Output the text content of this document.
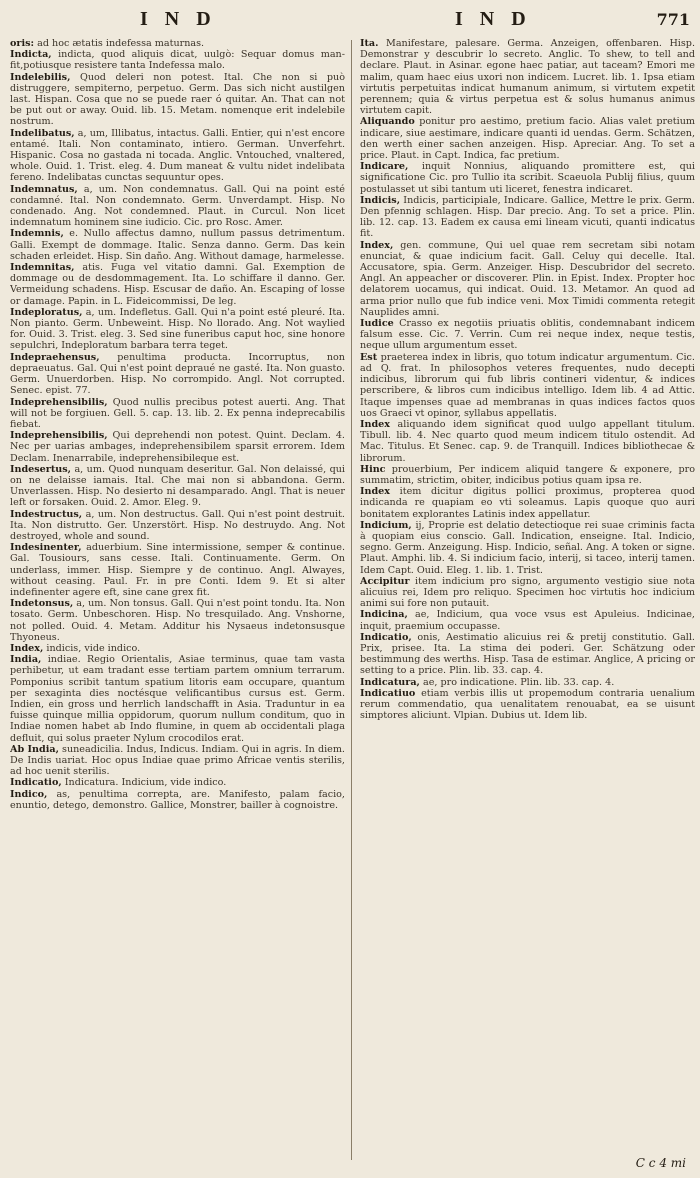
I N D	I N D	771

oris: ad hoc ætatis indefessa maturnas.

Indicta, indicta, quod aliquis dicat, uulgò: Sequar domus man-fit,potiusque resistere tanta Indefessa malo.

Indelebilis, Quod deleri non potest. Ital. Che non si può distruggere, sempiterno, perpetuo. Germ. Das sich nicht austilgen last. Hispan. Cosa que no se puede raer ó quitar. An. That can not be put out or away. Ouid. lib. 15. Metam. nomenque erit indelebile nostrum.

Indelibatus, a, um, Illibatus, intactus. Galli. Entier, qui n'est encore entamé. Itali. Non contaminato, intiero. German. Unverfehrt. Hispanic. Cosa no gastada ni tocada. Anglic. Vntouched, vnaltered, whole. Ouid. 1. Trist. eleg. 4. Dum maneat & vultu nidet indelibata fereno. Indelibatas cunctas sequuntur opes.

Indemnatus, a, um. Non condemnatus. Gall. Qui na point esté condamné. Ital. Non condemnato. Germ. Unverdampt. Hisp. No condenado. Ang. Not condemned. Plaut. in Curcul. Non licet indemnatum hominem sine iudicio. Cic. pro Rosc. Amer.

Indemnis, e. Nullo affectus damno, nullum passus detrimentum. Galli. Exempt de dommage. Italic. Senza danno. Germ. Das kein schaden erleidet. Hisp. Sin daño. Ang. Without damage, harmelesse.

Indemnitas, atis. Fuga vel vitatio damni. Gal. Exemption de dommage ou de desdommagement. Ita. Lo schiffare il danno. Ger. Vermeidung schadens. Hisp. Escusar de daño. An. Escaping of losse or damage. Papin. in L. Fideicommissi, De leg.

Indeploratus, a, um. Indefletus. Gall. Qui n'a point esté pleuré. Ita. Non pianto. Germ. Unbeweint. Hisp. No llorado. Ang. Not waylied for. Ouid. 3. Trist. eleg. 3. Sed sine funeribus caput hoc, sine honore sepulchri, Indeploratum barbara terra teget.

Indepraehensus, penultima producta. Incorruptus, non depraeuatus. Gal. Qui n'est point depraué ne gasté. Ita. Non guasto. Germ. Unuerdorben. Hisp. No corrompido. Angl. Not corrupted. Senec. epist. 77.

Indeprehensibilis, Quod nullis precibus potest auerti. Ang. That will not be forgiuen. Gell. 5. cap. 13. lib. 2. Ex penna indeprecabilis fiebat.

Indeprehensibilis, Qui deprehendi non potest. Quint. Declam. 4. Nec per uarias ambages, indeprehensibilem sparsit errorem. Idem Declam. Inenarrabile, indeprehensibileque est.

Indesertus, a, um. Quod nunquam deseritur. Gal. Non delaissé, qui on ne delaisse iamais. Ital. Che mai non si abbandona. Germ. Unverlassen. Hisp. No desierto ni desamparado. Angl. That is neuer left or forsaken. Ouid. 2. Amor. Eleg. 9.

Indestructus, a, um. Non destructus. Gall. Qui n'est point destruit. Ita. Non distrutto. Ger. Unzerstört. Hisp. No destruydo. Ang. Not destroyed, whole and sound.

Indesinenter, aduerbium. Sine intermissione, semper & continue. Gal. Tousiours, sans cesse. Itali. Continuamente. Germ. On underlass, immer. Hisp. Siempre y de continuo. Angl. Alwayes, without ceasing. Paul. Fr. in pre Conti. Idem 9. Et si alter indefinenter agere eft, sine cane grex fit.

Indetonsus, a, um. Non tonsus. Gall. Qui n'est point tondu. Ita. Non tosato. Germ. Unbeschoren. Hisp. No tresquilado. Ang. Vnshorne, not polled. Ouid. 4. Metam. Additur his Nysaeus indetonsusque Thyoneus.

Index, indicis, vide indico.

India, indiae. Regio Orientalis, Asiae terminus, quae tam vasta perhibetur, ut eam tradant esse tertiam partem omnium terrarum. Pomponius scribit tantum spatium litoris eam occupare, quantum per sexaginta dies noctésque velificantibus cursus est. Germ. Indien, ein gross und herrlich landschafft in Asia. Traduntur in ea fuisse quinque millia oppidorum, quorum nullum conditum, quo in Indiae nomen habet ab Indo flumine, in quem ab occidentali plaga defluit, qui solus praeter Nylum crocodilos erat.

Ab India, suneadicilia. Indus, Indicus. Indiam. Qui in agris. In diem. De Indis uariat. Hoc opus Indiae quae primo Africae ventis sterilis, ad hoc uenit sterilis.

Indicatio, Indicatura. Indicium, vide indico.

Indico, as, penultima correpta, are. Manifesto, palam facio, enuntio, detego, demonstro. Gallice, Monstrer, bailler à cognoistre.

Ita. Manifestare, palesare. Germa. Anzeigen, offenbaren. Hisp. Demonstrar y descubrir lo secreto. Anglic. To shew, to tell and declare. Plaut. in Asinar. egone haec patiar, aut taceam? Emori me malim, quam haec eius uxori non indicem. Lucret. lib. 1. Ipsa etiam virtutis perpetuitas indicat humanum animum, si virtutem expetit perennem; quia & virtus perpetua est & solus humanus animus virtutem capit.

Aliquando ponitur pro aestimo, pretium facio. Alias valet pretium indicare, siue aestimare, indicare quanti id uendas. Germ. Schätzen, den werth einer sachen anzeigen. Hisp. Apreciar. Ang. To set a price. Plaut. in Capt. Indica, fac pretium.

Indicare, inquit Nonnius, aliquando promittere est, qui significatione Cic. pro Tullio ita scribit. Scaeuola Publij filius, quum postulasset ut sibi tantum uti liceret, fenestra indicaret.

Indicis, Indicis, participiale, Indicare. Gallice, Mettre le prix. Germ. Den pfennig schlagen. Hisp. Dar precio. Ang. To set a price. Plin. lib. 12. cap. 13. Eadem ex causa emi lineam vicuti, quanti indicatus fit.

Index, gen. commune, Qui uel quae rem secretam sibi notam enunciat, & quae indicium facit. Gall. Celuy qui decelle. Ital. Accusatore, spia. Germ. Anzeiger. Hisp. Descubridor del secreto. Angl. An appeacher or discoverer. Plin. in Epist. Index. Propter hoc delatorem uocamus, qui indicat. Ouid. 13. Metamor. An quod ad arma prior nullo que fub indice veni. Mox Timidi commenta retegit Nauplides amni.

Iudice Crasso ex negotiis priuatis oblitis, condemnabant indicem falsum esse. Cic. 7. Verrin. Cum rei neque index, neque testis, neque ullum argumentum esset.

Est praeterea index in libris, quo totum indicatur argumentum. Cic. ad Q. frat. In philosophos veteres frequentes, nudo decepti indicibus, librorum qui fub libris contineri videntur, & indices perscribere, & libros cum indicibus intelligo. Idem lib. 4 ad Attic. Itaque impenses quae ad membranas in quas indices factos quos uos Graeci vt opinor, syllabus appellatis.

Index aliquando idem significat quod uulgo appellant titulum. Tibull. lib. 4. Nec quarto quod meum indicem titulo ostendit. Ad Mac. Titulus. Et Senec. cap. 9. de Tranquill. Indices bibliothecae & librorum.

Hinc prouerbium, Per indicem aliquid tangere & exponere, pro summatim, strictim, obiter, indicibus potius quam ipsa re.

Index item dicitur digitus pollici proximus, propterea quod indicanda re quapiam eo vti soleamus. Lapis quoque quo auri bonitatem explorantes Latinis index appellatur.

Indicium, ij, Proprie est delatio detectioque rei suae criminis facta à quopiam eius conscio. Gall. Indication, enseigne. Ital. Indicio, segno. Germ. Anzeigung. Hisp. Indicio, señal. Ang. A token or signe. Plaut. Amphi. lib. 4. Si indicium facio, interij, si taceo, interij tamen. Idem Capt. Ouid. Eleg. 1. lib. 1. Trist.

Accipitur item indicium pro signo, argumento vestigio siue nota alicuius rei, Idem pro reliquo. Specimen hoc virtutis hoc indicium animi sui fore non putauit.

Indicina, ae, Indicium, qua voce vsus est Apuleius. Indicinae, inquit, praemium occupasse.

Indicatio, onis, Aestimatio alicuius rei & pretij constitutio. Gall. Prix, prisee. Ita. La stima dei poderi. Ger. Schätzung oder bestimmung des werths. Hisp. Tasa de estimar. Anglice, A pricing or setting to a price. Plin. lib. 33. cap. 4.

Indicatura, ae, pro indicatione. Plin. lib. 33. cap. 4.

Indicatiuo etiam verbis illis ut propemodum contraria uenalium rerum commendatio, qua uenalitatem renouabat, ea se uisunt simptores aliciunt. Vlpian. Dubius ut. Idem lib.

C c 4 mi
